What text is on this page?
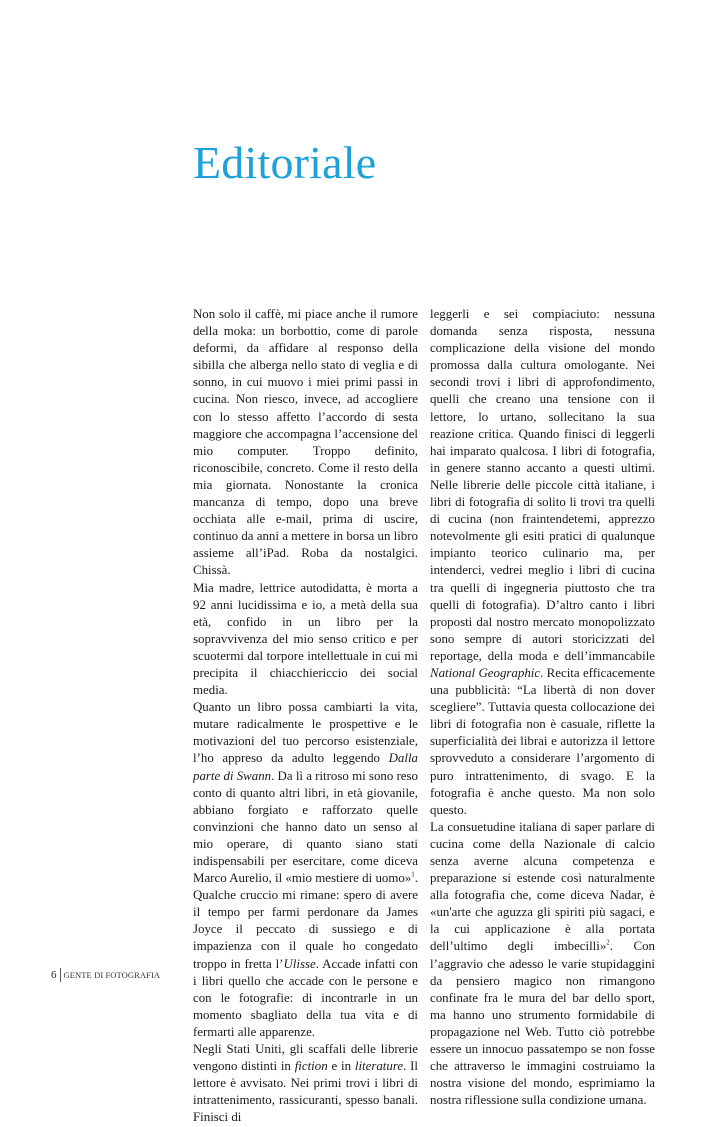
Editoriale

Non solo il caffè, mi piace anche il rumore della moka: un borbottio, come di parole deformi, da affidare al responso della sibilla che alberga nello stato di veglia e di sonno, in cui muovo i miei primi passi in cucina. Non riesco, invece, ad accogliere con lo stesso affetto l’accordo di sesta maggiore che accompagna l’accensione del mio computer. Troppo definito, riconoscibile, concreto. Come il resto della mia giornata. Nonostante la cronica mancanza di tempo, dopo una breve occhiata alle e-mail, prima di uscire, continuo da anni a mettere in borsa un libro assieme all’iPad. Roba da nostalgici. Chissà.

Mia madre, lettrice autodidatta, è morta a 92 anni lucidissima e io, a metà della sua età, confido in un libro per la sopravvivenza del mio senso critico e per scuotermi dal torpore intellettuale in cui mi precipita il chiacchiericcio dei social media.

Quanto un libro possa cambiarti la vita, mutare radicalmente le prospettive e le motivazioni del tuo percorso esistenziale, l’ho appreso da adulto leggendo Dalla parte di Swann. Da lì a ritroso mi sono reso conto di quanto altri libri, in età giovanile, abbiano forgiato e rafforzato quelle convinzioni che hanno dato un senso al mio operare, di quanto siano stati indispensabili per esercitare, come diceva Marco Aurelio, il «mio mestiere di uomo»$^1$. Qualche cruccio mi rimane: spero di avere il tempo per farmi perdonare da James Joyce il peccato di sussiego e di impazienza con il quale ho congedato troppo in fretta l’Ulisse. Accade infatti con i libri quello che accade con le persone e con le fotografie: di incontrarle in un momento sbagliato della tua vita e di fermarti alle apparenze.

Negli Stati Uniti, gli scaffali delle librerie vengono distinti in fiction e in literature. Il lettore è avvisato. Nei primi trovi i libri di intrattenimento, rassicuranti, spesso banali. Finisci di

leggerli e sei compiaciuto: nessuna domanda senza risposta, nessuna complicazione della visione del mondo promossa dalla cultura omologante. Nei secondi trovi i libri di approfondimento, quelli che creano una tensione con il lettore, lo urtano, sollecitano la sua reazione critica. Quando finisci di leggerli hai imparato qualcosa. I libri di fotografia, in genere stanno accanto a questi ultimi. Nelle librerie delle piccole città italiane, i libri di fotografia di solito li trovi tra quelli di cucina (non fraintendetemi, apprezzo notevolmente gli esiti pratici di qualunque impianto teorico culinario ma, per intenderci, vedrei meglio i libri di cucina tra quelli di ingegneria piuttosto che tra quelli di fotografia). D’altro canto i libri proposti dal nostro mercato monopolizzato sono sempre di autori storicizzati del reportage, della moda e dell’immancabile National Geographic. Recita efficacemente una pubblicità: “La libertà di non dover scegliere”. Tuttavia questa collocazione dei libri di fotografia non è casuale, riflette la superficialità dei librai e autorizza il lettore sprovveduto a considerare l’argomento di puro intrattenimento, di svago. E la fotografia è anche questo. Ma non solo questo.

La consuetudine italiana di saper parlare di cucina come della Nazionale di calcio senza averne alcuna competenza e preparazione si estende così naturalmente alla fotografia che, come diceva Nadar, è «un'arte che aguzza gli spiriti più sagaci, e la cui applicazione è alla portata dell’ultimo degli imbecilli»$^2$. Con l’aggravio che adesso le varie stupidaggini da pensiero magico non rimangono confinate fra le mura del bar dello sport, ma hanno uno strumento formidabile di propagazione nel Web. Tutto ciò potrebbe essere un innocuo passatempo se non fosse che attraverso le immagini costruiamo la nostra visione del mondo, esprimiamo la nostra riflessione sulla condizione umana.

6 GENTE DI FOTOGRAFIA
